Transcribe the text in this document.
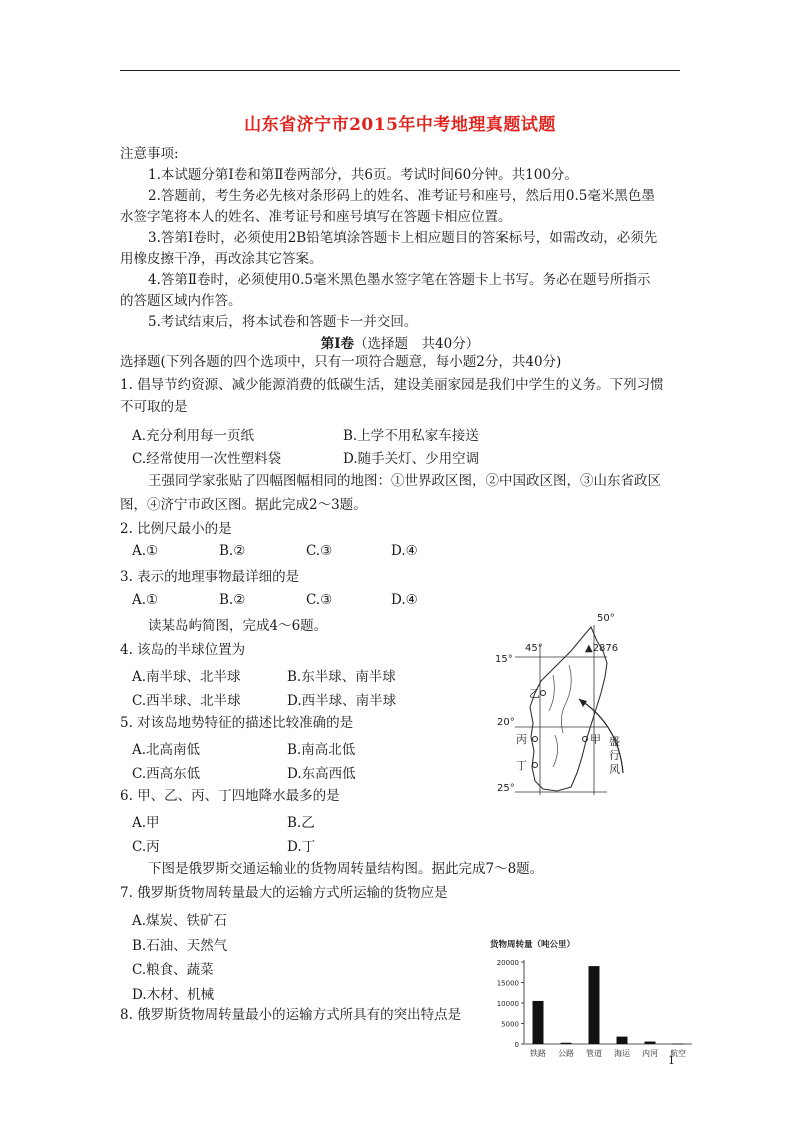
山东省济宁市2015年中考地理真题试题
注意事项:
1.本试题分第Ⅰ卷和第Ⅱ卷两部分，共6页。考试时间60分钟。共100分。
2.答题前，考生务必先核对条形码上的姓名、准考证号和座号，然后用0.5毫米黑色墨
水签字笔将本人的姓名、准考证号和座号填写在答题卡相应位置。
3.答第Ⅰ卷时，必须使用2B铅笔填涂答题卡上相应题目的答案标号，如需改动，必须先
用橡皮擦干净，再改涂其它答案。
4.答第Ⅱ卷时，必须使用0.5毫米黑色墨水签字笔在答题卡上书写。务必在题号所指示
的答题区域内作答。
5.考试结束后，将本试卷和答题卡一并交回。
第Ⅰ卷（选择题　共40分）
选择题(下列各题的四个选项中，只有一项符合题意，每小题2分，共40分)
1. 倡导节约资源、减少能源消费的低碳生活，建设美丽家园是我们中学生的义务。下列习惯
不可取的是
A.充分利用每一页纸	B.上学不用私家车接送
C.经常使用一次性塑料袋	D.随手关灯、少用空调
王强同学家张贴了四幅图幅相同的地图：①世界政区图，②中国政区图，③山东省政区
图，④济宁市政区图。据此完成2～3题。
2. 比例尺最小的是
A.①	B.②	C.③	D.④
3. 表示的地理事物最详细的是
A.①	B.②	C.③	D.④
读某岛屿简图，完成4～6题。
4. 该岛的半球位置为
A.南半球、北半球	B.东半球、南半球
C.西半球、北半球	D.西半球、南半球
5. 对该岛地势特征的描述比较准确的是
A.北高南低	B.南高北低
C.西高东低	D.东高西低
6. 甲、乙、丙、丁四地降水最多的是
A.甲	B.乙
C.丙	D.丁
下图是俄罗斯交通运输业的货物周转量结构图。据此完成7～8题。
7. 俄罗斯货物周转量最大的运输方式所运输的货物应是
A.煤炭、铁矿石
B.石油、天然气
C.粮食、蔬菜
D.木材、机械
8. 俄罗斯货物周转量最小的运输方式所具有的突出特点是
45°
50°
15°
20°
25°
▲2876
甲
乙
丙
丁
盛
行
风
货物周转量（吨公里）
0
5000
10000
15000
20000
铁路 公路 管道 海运 内河 航空
1
